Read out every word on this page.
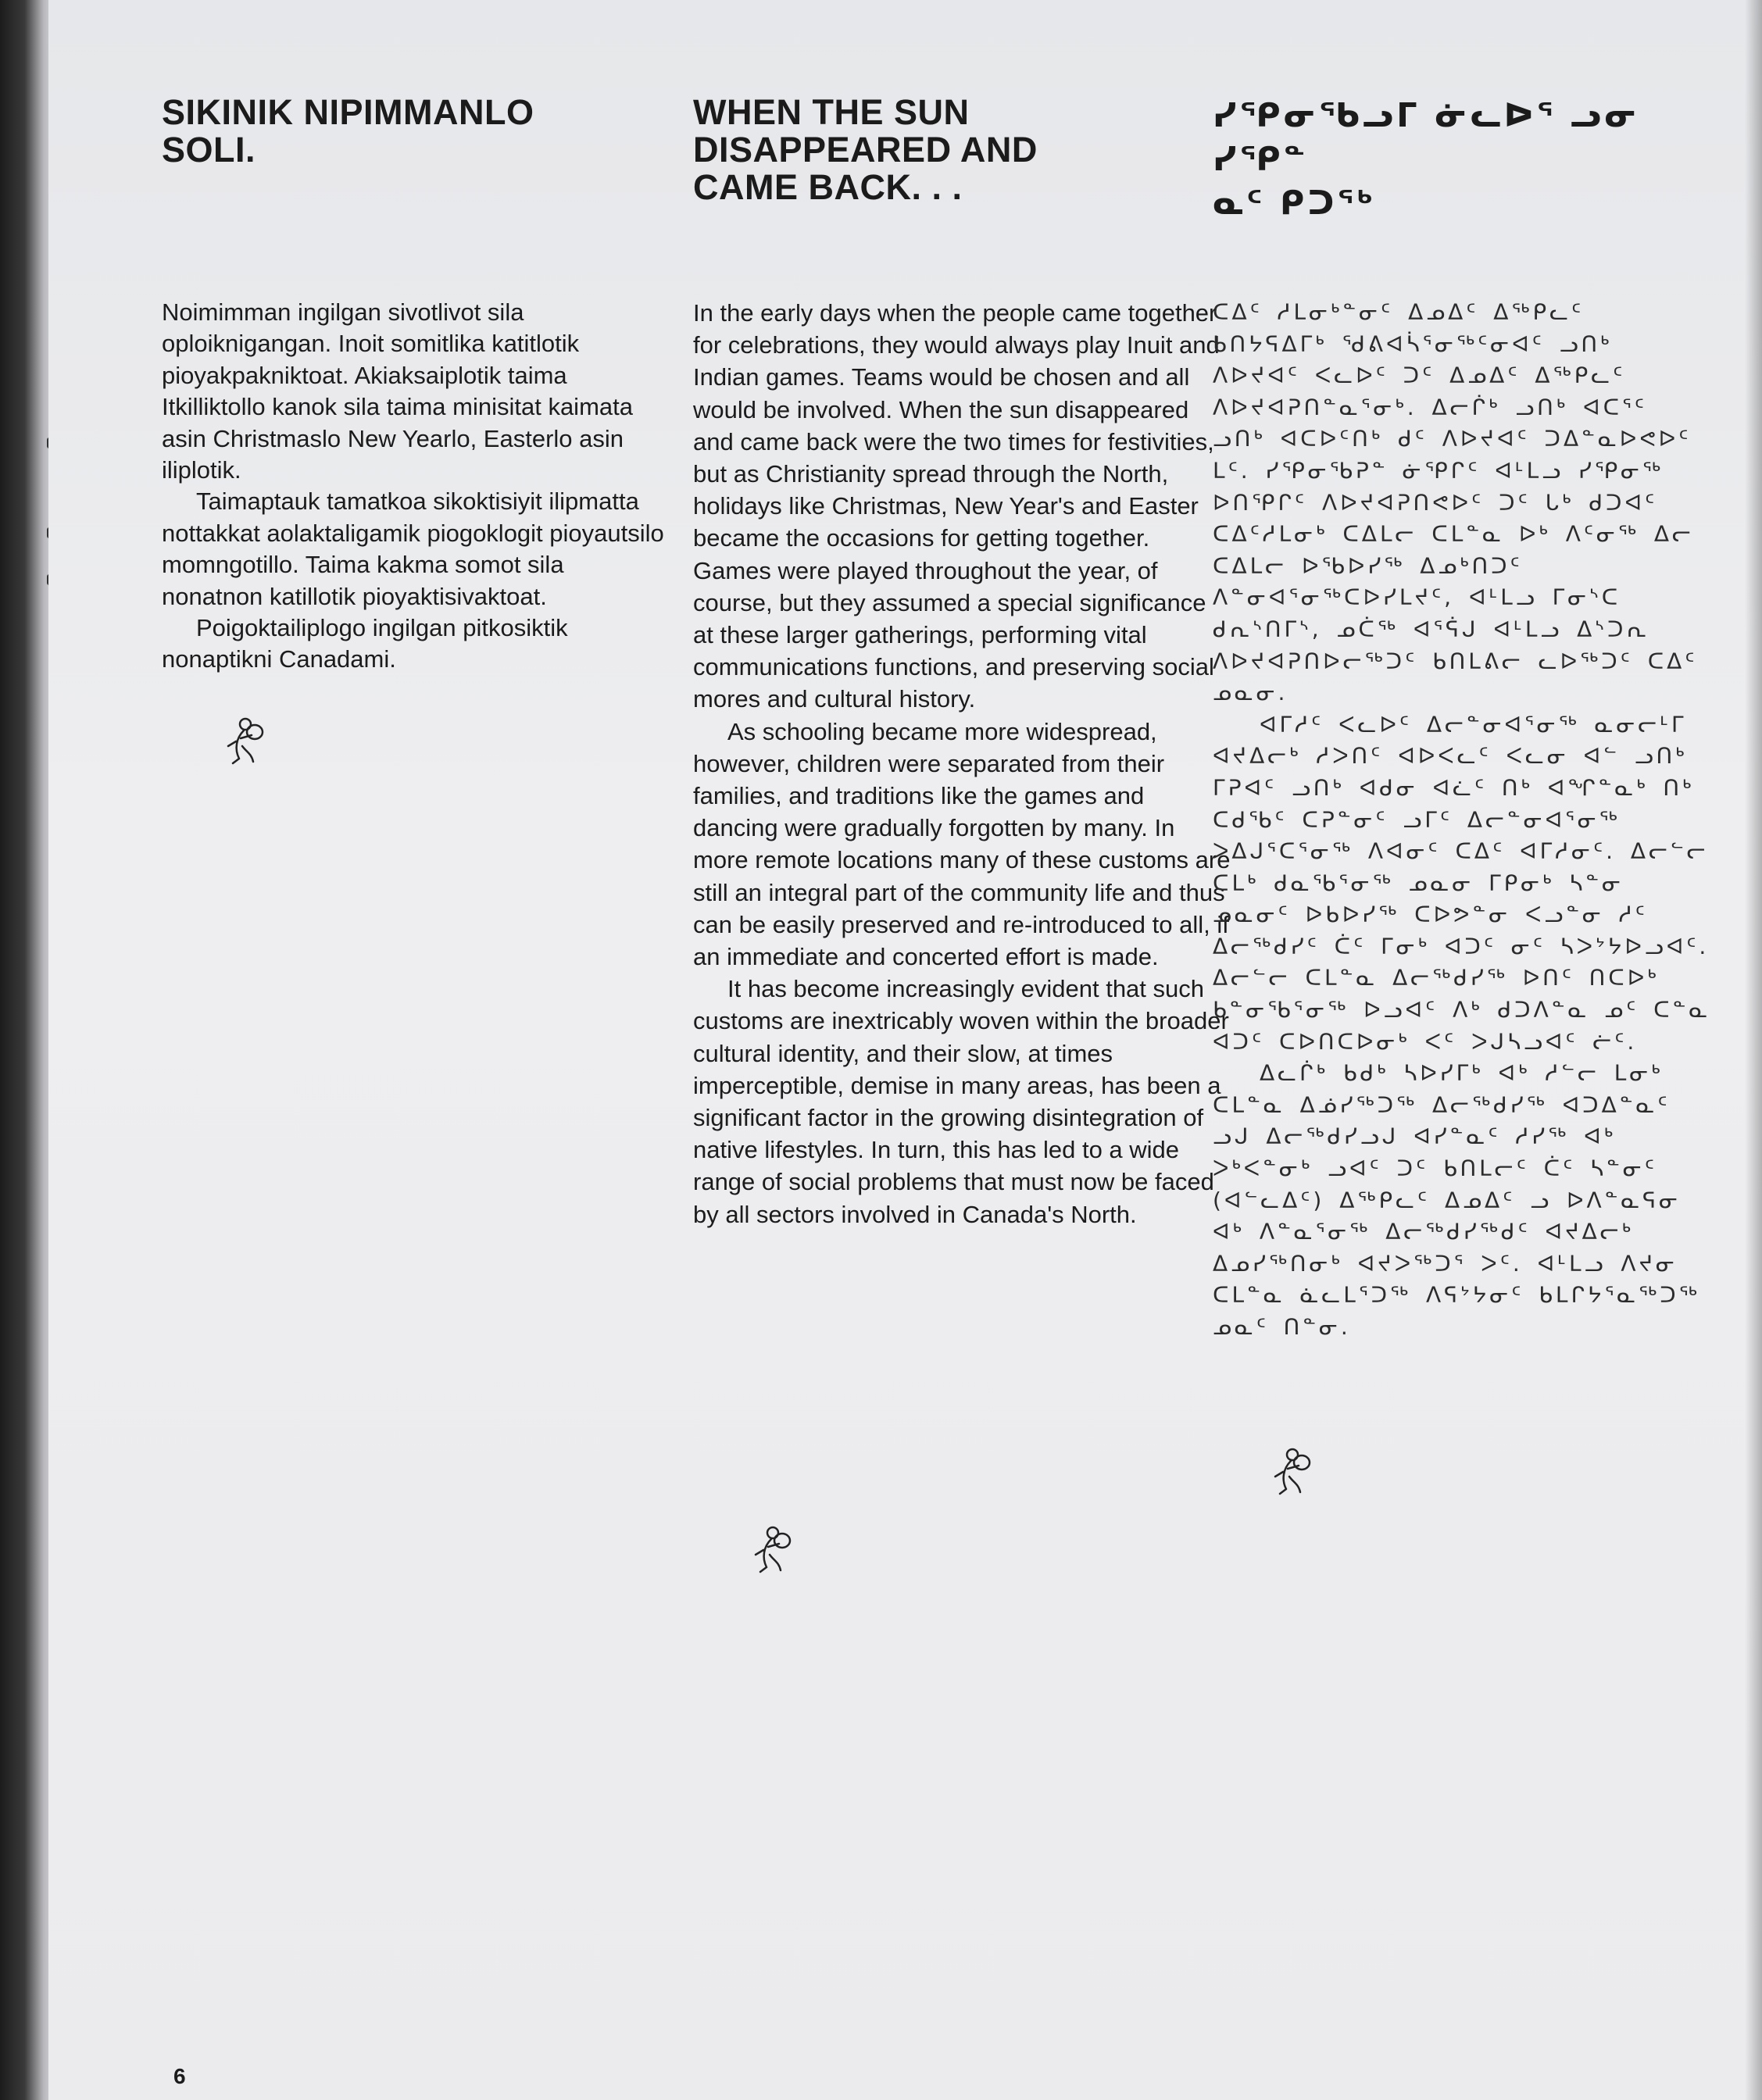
SIKINIK NIPIMMANLO
SOLI.

Noimimman ingilgan sivotlivot sila oploiknigangan. Inoit somitlika katitlotik pioyakpakniktoat. Akiaksaiplotik taima Itkilliktollo kanok sila taima minisitat kaimata asin Christmaslo New Yearlo, Easterlo asin iliplotik.

Taimaptauk tamatkoa sikoktisiyit ilipmatta nottakkat aolaktaligamik piogoklogit pioyautsilo momngotillo. Taima kakma somot sila nonatnon katillotik pioyaktisivaktoat.

Poigoktailiplogo ingilgan pitkosiktik nonaptikni Canadami.

WHEN THE SUN
DISAPPEARED AND
CAME BACK. . .

In the early days when the people came together for celebrations, they would always play Inuit and Indian games. Teams would be chosen and all would be involved. When the sun disappeared and came back were the two times for festivities, but as Christianity spread through the North, holidays like Christmas, New Year's and Easter became the occasions for getting together. Games were played throughout the year, of course, but they assumed a special significance at these larger gatherings, performing vital communications functions, and preserving social mores and cultural history.

As schooling became more widespread, however, children were separated from their families, and traditions like the games and dancing were gradually forgotten by many. In more remote locations many of these customs are still an integral part of the community life and thus can be easily preserved and re-introduced to all, if an immediate and concerted effort is made.

It has become increasingly evident that such customs are inextricably woven within the broader cultural identity, and their slow, at times imperceptible, demise in many areas, has been a significant factor in the growing disintegration of native lifestyles. In turn, this has led to a wide range of social problems that must now be faced by all sectors involved in Canada's North.

ᓯᕿᓂᖃᓗᒥ ᓃᓚᐅᕐ ᓗᓂ ᓯᕿᓐ
ᓇᑦ ᑭᑐᕐᒃ

ᑕᐃᑦ ᓱᒪᓂᒃᓐᓂᑦ ᐃᓄᐃᑦ ᐃᖅᑭᓚᑦ ᑲᑎᔭᕋᐃᒥᒃ ᖁᕕᐊᓵᕐᓂᖅᑦᓂᐊᑦ ᓗᑎᒃ ᐱᐅᔪᐊᑦ ᐸᓚᐅᑦ ᑐᑦ ᐃᓄᐃᑦ ᐃᖅᑭᓚᑦ ᐱᐅᔪᐊᕈᑎᓐᓇᕐᓂᒃ. ᐃᓕᒌᒃ ᓗᑎᒃ ᐊᑕᕐᑦ ᓗᑎᒃ ᐊᑕᐅᑦᑎᒃ ᑯᑦ ᐱᐅᔪᐊᑦ ᑐᐃᓐᓇᐅᕙᐅᑦ ᒪᑦ. ᓯᕿᓂᖃᕈᓐ ᓃᕿᒋᑦ ᐊᒻᒪᓗ ᓯᕿᓂᖅ ᐅᑎᕿᒋᑦ ᐱᐅᔪᐊᕈᑎᕙᐅᑦ ᑐᑦ ᒐᒃ ᑯᑐᐊᑦ ᑕᐃᑦᓱᒪᓂᒃ ᑕᐃᒪᓕ ᑕᒪᓐᓇ ᐅᒃ ᐱᑦᓂᖅ ᐃᓕ ᑕᐃᒪᓕ ᐅᖃᐅᓯᖅ ᐃᓄᒃᑎᑐᑦ ᐱᓐᓂᐊᕐᓂᖅᑕᐅᓯᒪᔪᑦ, ᐊᒻᒪᓗ ᒥᓂᔅᑕ ᑯᕆᔅᑎᒥᔅ, ᓄᑖᖅ ᐊᕐᕌᒍ ᐊᒻᒪᓗ ᐃᔅᑐᕆ ᐱᐅᔪᐊᕈᑎᐅᓕᖅᑐᑦ ᑲᑎᒪᕕᓕ ᓚᐅᖅᑐᑦ ᑕᐃᑦ ᓄᓇᓂ.

ᐊᒥᓱᑦ ᐸᓚᐅᑦ ᐃᓕᓐᓂᐊᕐᓂᖅ ᓇᓂᓕᒻᒥ ᐊᔪᐃᓕᒃ ᓱᐳᑎᑦ ᐊᐅᐸᓚᑦ ᐸᓚᓂ ᐊᓪ ᓗᑎᒃ ᒥᕈᐊᑦ ᓗᑎᒃ ᐊᑯᓂ ᐊᓛᑦ ᑎᒃ ᐊᖏᓐᓇᒃ ᑎᒃ ᑕᑯᖃᑦ ᑕᕈᓐᓂᑦ ᓗᒥᑦ ᐃᓕᓐᓂᐊᕐᓂᖅ ᐳᐃᒍᕐᑕᕐᓂᖅ ᐱᐊᓂᑦ ᑕᐃᑦ ᐊᒥᓱᓂᑦ. ᐃᓕᓪᓕ ᑕᒪᒃ ᑯᓇᖃᕐᓂᖅ ᓄᓇᓂ ᒥᑭᓂᒃ ᓴᓐᓂ ᓄᓇᓂᑦ ᐅᑲᐅᓯᖅ ᑕᐅᕗᓐᓂ ᐸᓗᓐᓂ ᓱᑦ ᐃᓕᖅᑯᓯᑦ ᑖᑦ ᒥᓂᒃ ᐊᑐᑦ ᓂᑦ ᓴᐳᔾᔭᐅᓗᐊᑦ. ᐃᓕᓪᓕ ᑕᒪᓐᓇ ᐃᓕᖅᑯᓯᖅ ᐅᑎᑦ ᑎᑕᐅᒃ ᑲᓐᓂᖃᕐᓂᖅ ᐅᓗᐊᑦ ᐱᒃ ᑯᑐᐱᓐᓇ ᓄᑦ ᑕᓐᓇ ᐊᑐᑦ ᑕᐅᑎᑕᐅᓂᒃ ᐸᑦ ᐳᒍᓴᓗᐊᑦ ᓖᑦ.

ᐃᓚᒌᒃ ᑲᑯᒃ ᓴᐅᓯᒥᒃ ᐊᒃ ᓱᓪᓕ ᒪᓂᒃ ᑕᒪᓐᓇ ᐃᓅᓯᖅᑐᖅ ᐃᓕᖅᑯᓯᖅ ᐊᑐᐃᓐᓇᑦ ᓗᒍ ᐃᓕᖅᑯᓯᓗᒍ ᐊᓯᓐᓇᑦ ᓱᓯᖅ ᐊᒃ ᐳᒃᐸᓐᓂᒃ ᓗᐊᑦ ᑐᑦ ᑲᑎᒪᓕᑦ ᑖᑦ ᓴᓐᓂᑦ (ᐊᓪᓚᐃᑦ) ᐃᖅᑭᓚᑦ ᐃᓄᐃᑦ ᓗ ᐅᐱᓐᓇᕋᓂ ᐊᒃ ᐱᓐᓇᕐᓂᖅ ᐃᓕᖅᑯᓯᖅᑯᑦ ᐊᔪᐃᓕᒃ ᐃᓄᓯᖅᑎᓂᒃ ᐊᔪᐳᖅᑐᕐ ᐳᑦ. ᐊᒻᒪᓗ ᐱᔪᓂ ᑕᒪᓐᓇ ᓈᓚᒪᕐᑐᖅ ᐱᕋᔾᔭᓂᑦ ᑲᒪᒋᔭᕐᓇᖅᑐᖅ ᓄᓇᑦ ᑎᓐᓂ.

6
